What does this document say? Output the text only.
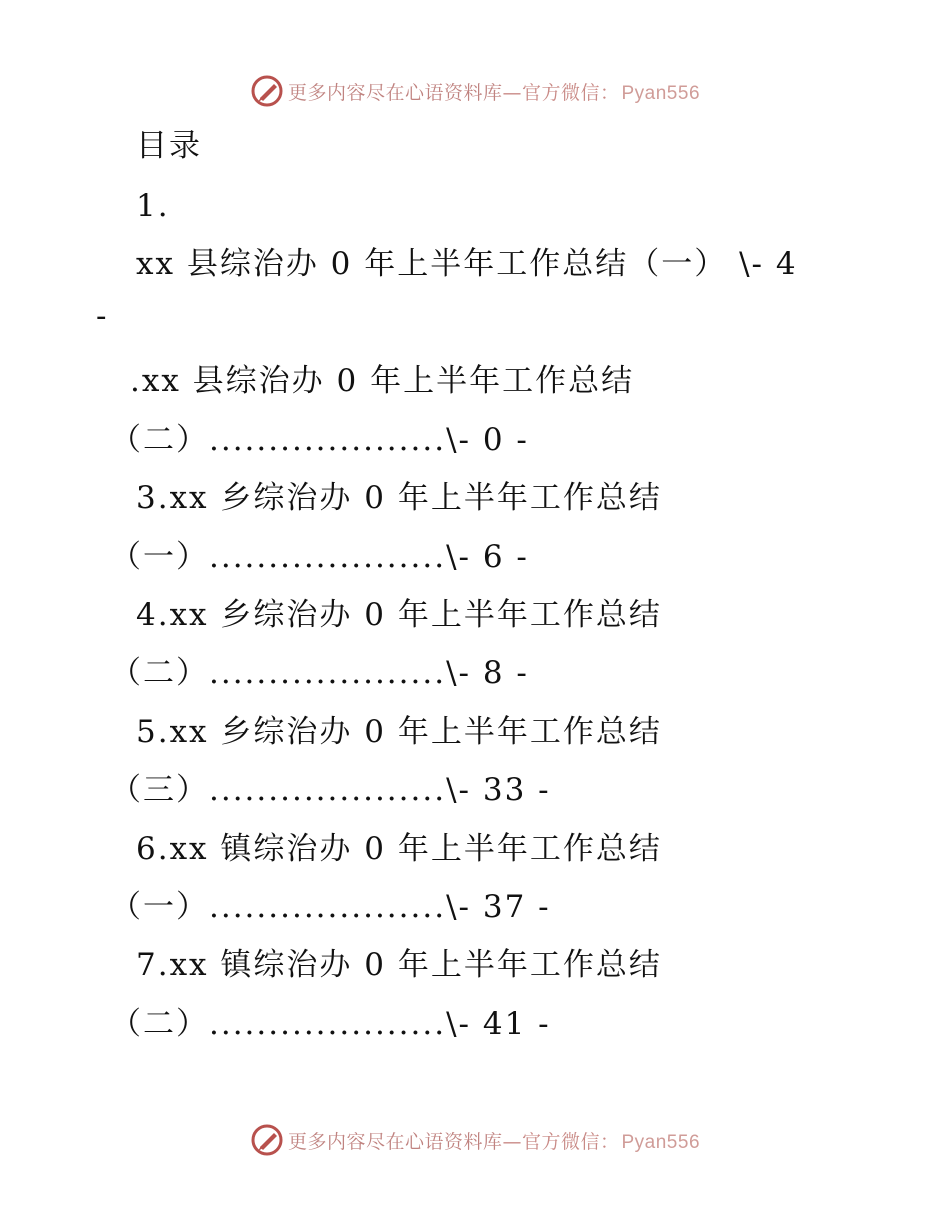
更多内容尽在心语资料库—官方微信： Pyan556
目录
1.
xx 县综治办 0 年上半年工作总结（一） \- 4
-
.xx 县综治办 0 年上半年工作总结
（二）....................\- 0 -
3.xx 乡综治办 0 年上半年工作总结
（一）....................\- 6 -
4.xx 乡综治办 0 年上半年工作总结
（二）....................\- 8 -
5.xx 乡综治办 0 年上半年工作总结
（三）....................\- 33 -
6.xx 镇综治办 0 年上半年工作总结
（一）....................\- 37 -
7.xx 镇综治办 0 年上半年工作总结
（二）....................\- 41 -
更多内容尽在心语资料库—官方微信： Pyan556
